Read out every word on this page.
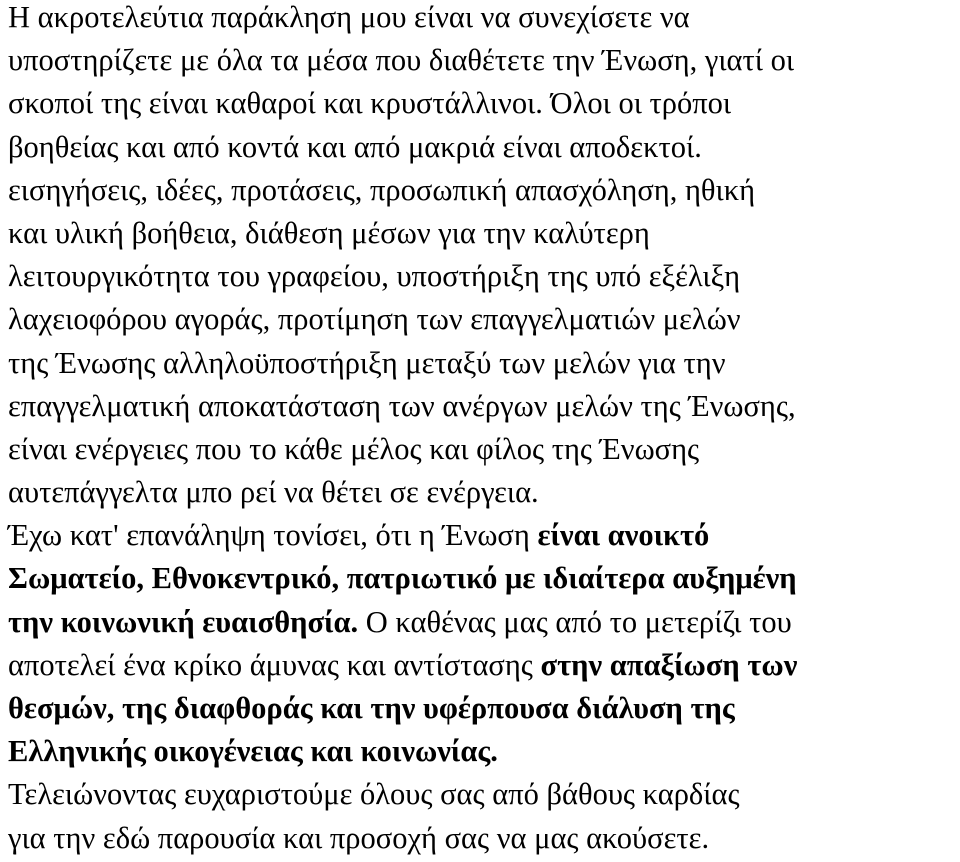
Η ακροτελεύτια παράκληση μου είναι να συνεχίσετε να
υποστηρίζετε με όλα τα μέσα που διαθέτετε την Ένωση, γιατί οι
σκοποί της είναι καθαροί και κρυστάλλινοι. Όλοι οι τρόποι
βοηθείας και από κοντά και από μακριά είναι αποδεκτοί.
εισηγήσεις, ιδέες, προτάσεις, προσωπική απασχόληση, ηθική
και υλική βοήθεια, διάθεση μέσων για την καλύτερη
λειτουργικότητα του γραφείου, υποστήριξη της υπό εξέλιξη
λαχειοφόρου αγοράς, προτίμηση των επαγγελματιών μελών
της Ένωσης αλληλοϋποστήριξη μεταξύ των μελών για την
επαγγελματική αποκατάσταση των ανέργων μελών της Ένωσης,
είναι ενέργειες που το κάθε μέλος και φίλος της Ένωσης
αυτεπάγγελτα μπο ρεί να θέτει σε ενέργεια.
Έχω κατ' επανάληψη τονίσει, ότι η Ένωση είναι ανοικτό
Σωματείο, Εθνοκεντρικό, πατριωτικό με ιδιαίτερα αυξημένη
την κοινωνική ευαισθησία. Ο καθένας μας από το μετερίζι του
αποτελεί ένα κρίκο άμυνας και αντίστασης στην απαξίωση των
θεσμών, της διαφθοράς και την υφέρπουσα διάλυση της
Ελληνικής οικογένειας και κοινωνίας.
Τελειώνοντας ευχαριστούμε όλους σας από βάθους καρδίας
για την εδώ παρουσία και προσοχή σας να μας ακούσετε.
